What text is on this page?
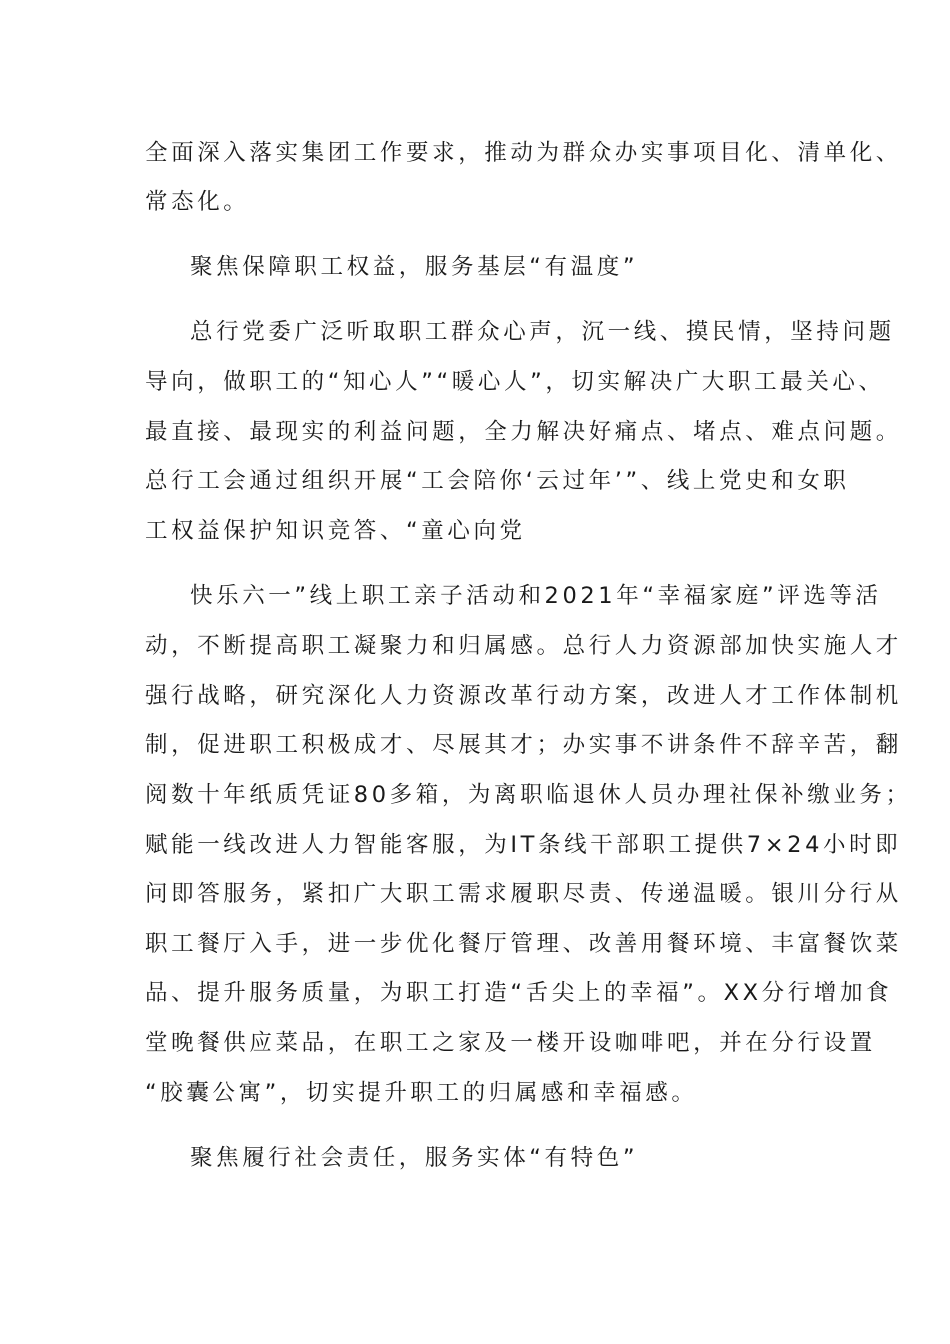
全面深入落实集团工作要求，推动为群众办实事项目化、清单化、
常态化。
聚焦保障职工权益，服务基层“有温度”
总行党委广泛听取职工群众心声，沉一线、摸民情，坚持问题
导向，做职工的“知心人”“暖心人”，切实解决广大职工最关心、
最直接、最现实的利益问题，全力解决好痛点、堵点、难点问题。
总行工会通过组织开展“工会陪你‘云过年’”、线上党史和女职
工权益保护知识竞答、“童心向党
快乐六一”线上职工亲子活动和2021年“幸福家庭”评选等活
动，不断提高职工凝聚力和归属感。总行人力资源部加快实施人才
强行战略，研究深化人力资源改革行动方案，改进人才工作体制机
制，促进职工积极成才、尽展其才；办实事不讲条件不辞辛苦，翻
阅数十年纸质凭证80多箱，为离职临退休人员办理社保补缴业务；
赋能一线改进人力智能客服，为IT条线干部职工提供7×24小时即
问即答服务，紧扣广大职工需求履职尽责、传递温暖。银川分行从
职工餐厅入手，进一步优化餐厅管理、改善用餐环境、丰富餐饮菜
品、提升服务质量，为职工打造“舌尖上的幸福”。XX分行增加食
堂晚餐供应菜品，在职工之家及一楼开设咖啡吧，并在分行设置
“胶囊公寓”，切实提升职工的归属感和幸福感。
聚焦履行社会责任，服务实体“有特色”
